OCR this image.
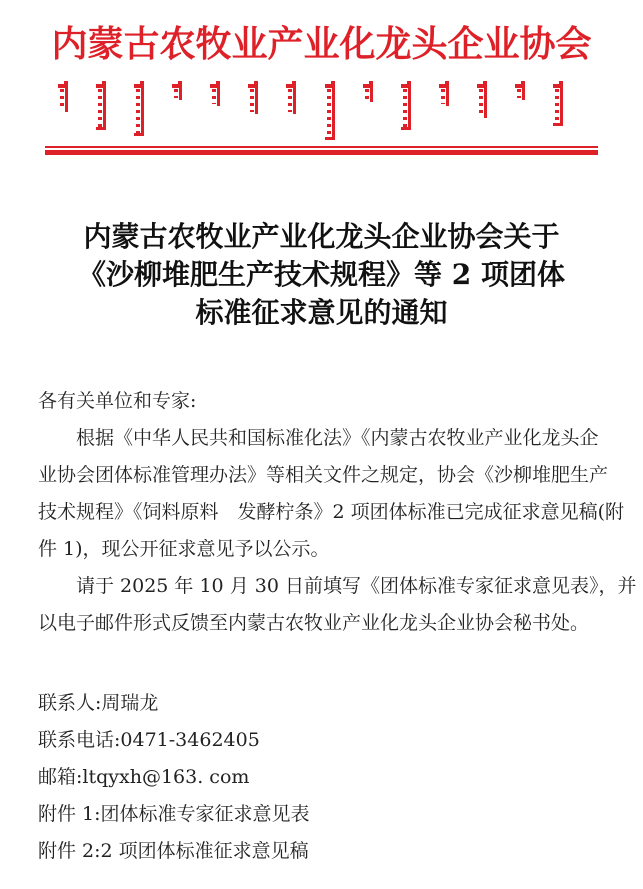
内蒙古农牧业产业化龙头企业协会
内蒙古农牧业产业化龙头企业协会关于
《沙柳堆肥生产技术规程》等 2 项团体
标准征求意见的通知
各有关单位和专家:
根据《中华人民共和国标准化法》《内蒙古农牧业产业化龙头企
业协会团体标准管理办法》等相关文件之规定，协会《沙柳堆肥生产
技术规程》《饲料原料　发酵柠条》2 项团体标准已完成征求意见稿(附
件 1)，现公开征求意见予以公示。
请于 2025 年 10 月 30 日前填写《团体标准专家征求意见表》，并
以电子邮件形式反馈至内蒙古农牧业产业化龙头企业协会秘书处。
联系人:周瑞龙
联系电话:0471-3462405
邮箱:ltqyxh@163. com
附件 1:团体标准专家征求意见表
附件 2:2 项团体标准征求意见稿
